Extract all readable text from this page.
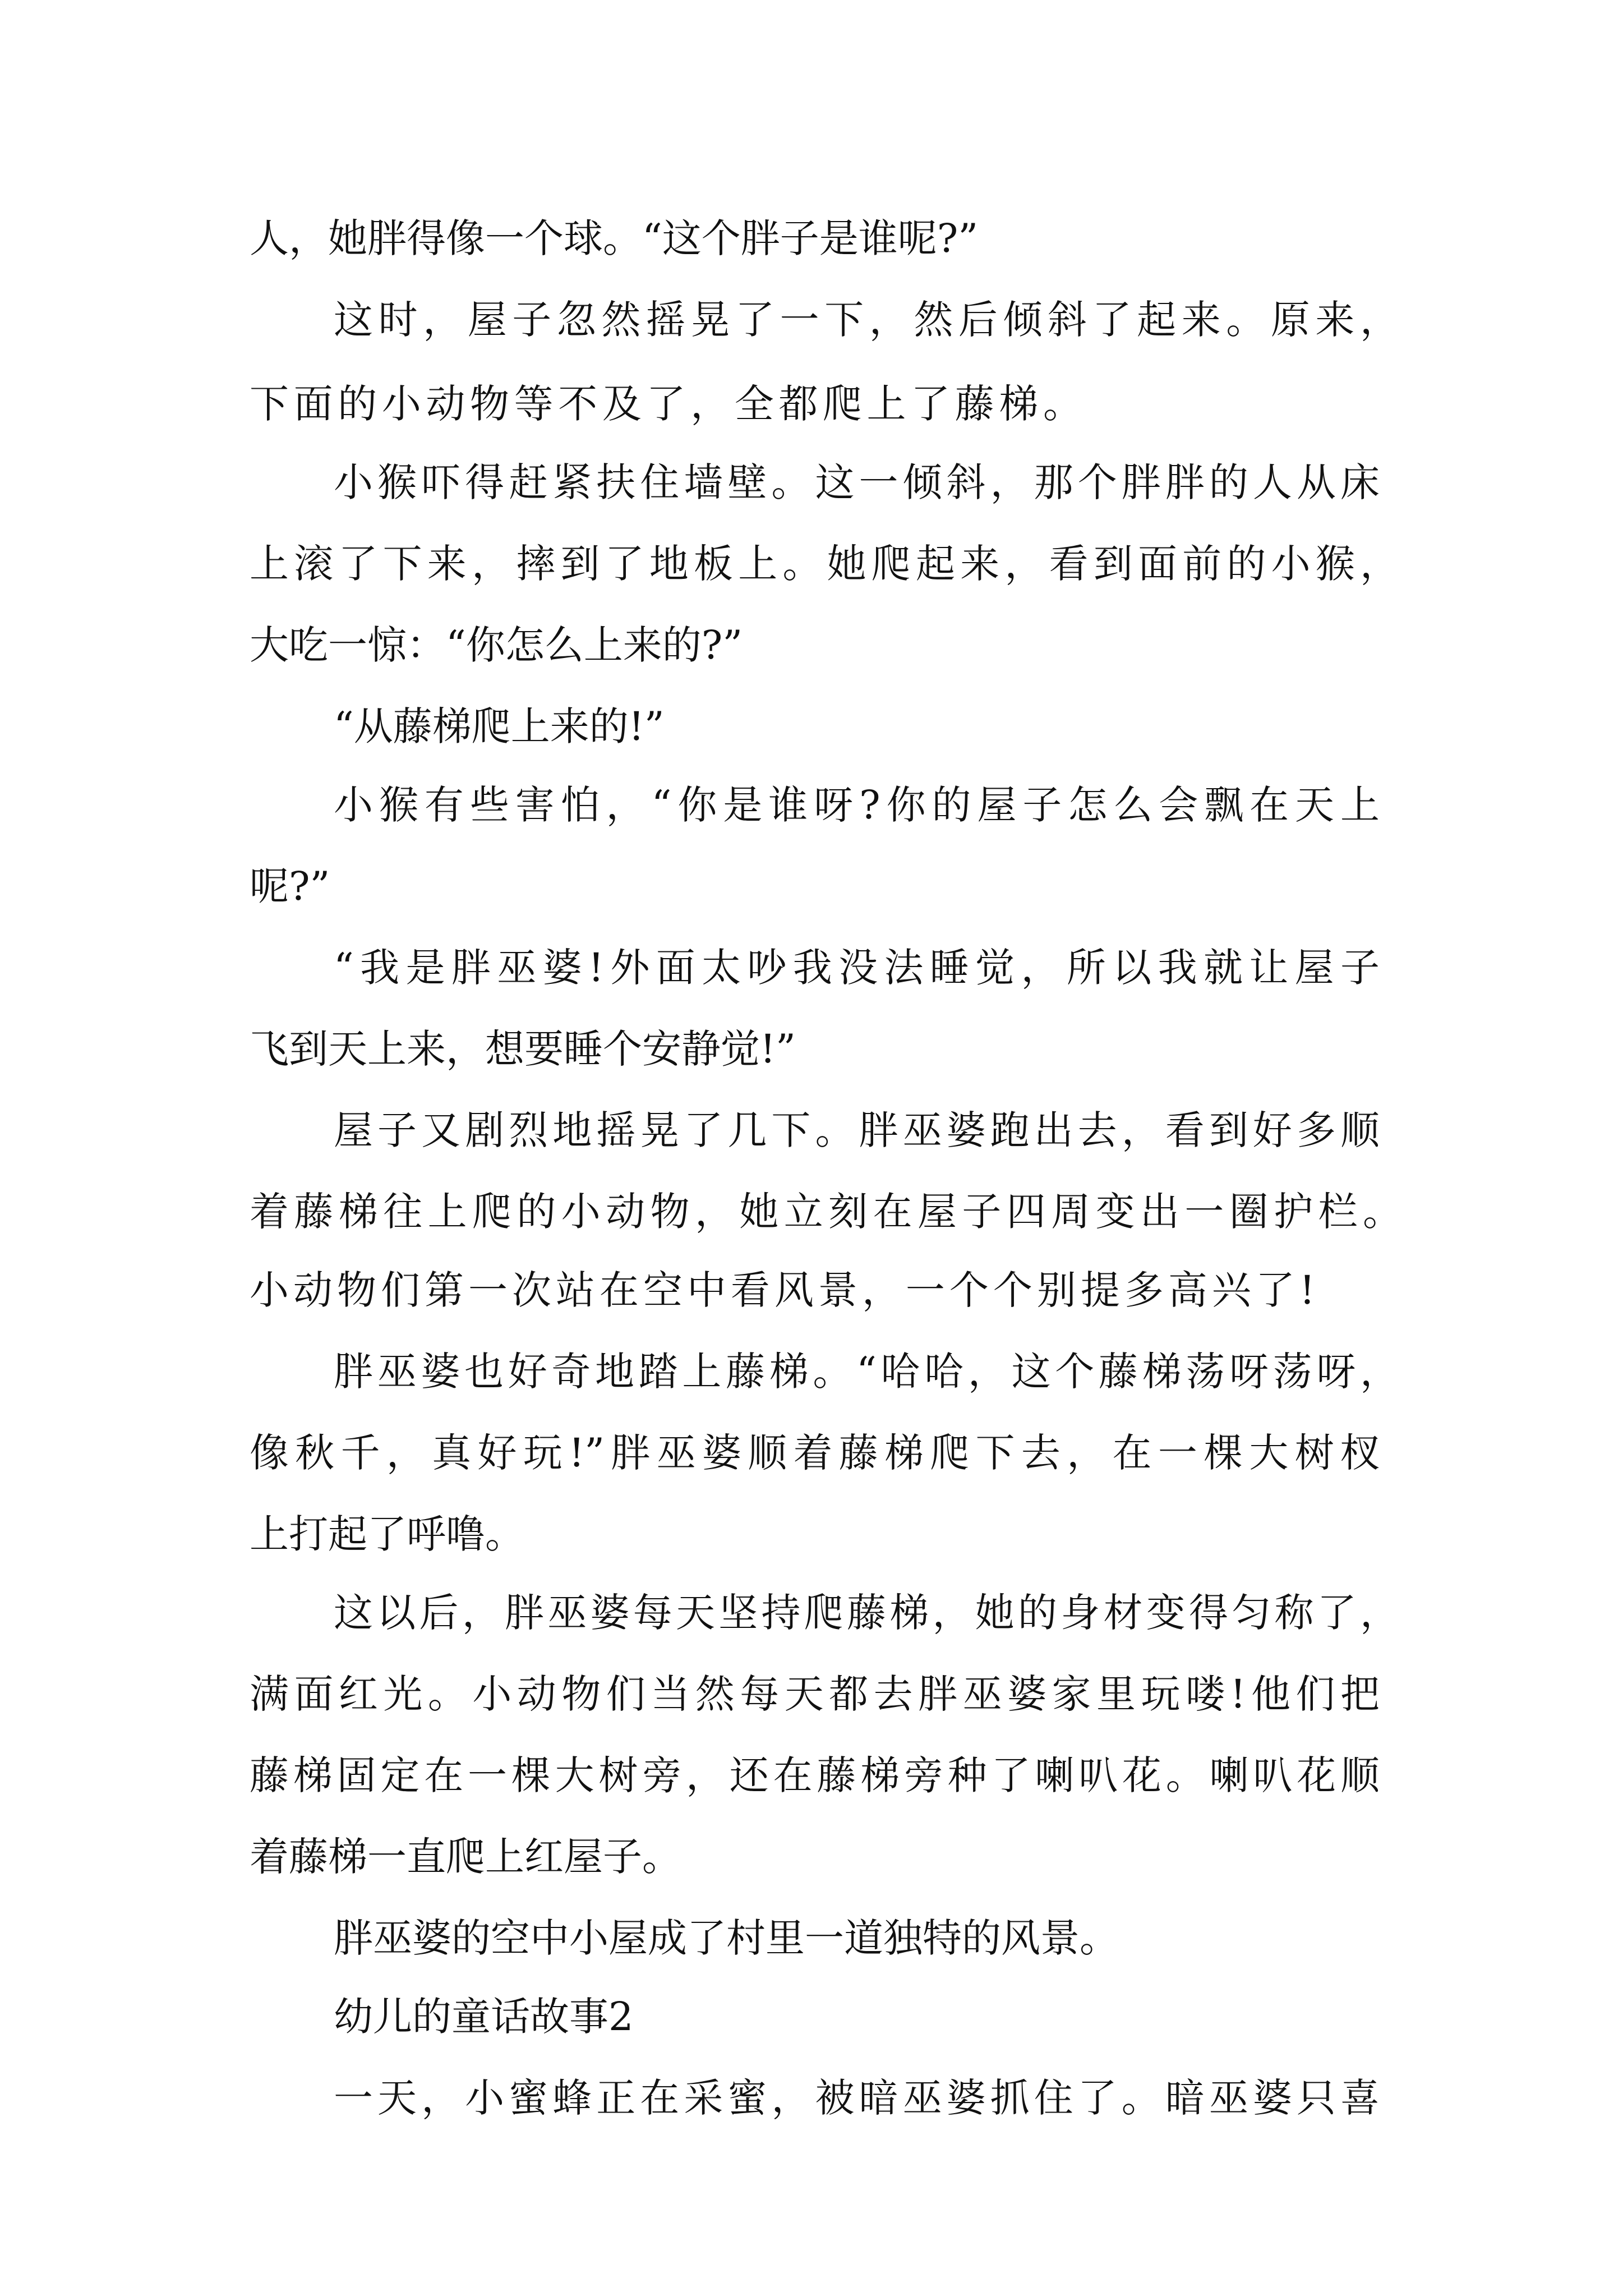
人，她胖得像一个球。“这个胖子是谁呢?”
这时，屋子忽然摇晃了一下，然后倾斜了起来。原来，
下面的小动物等不及了，全都爬上了藤梯。
小猴吓得赶紧扶住墙壁。这一倾斜，那个胖胖的人从床
上滚了下来，摔到了地板上。她爬起来，看到面前的小猴，
大吃一惊：“你怎么上来的?”
“从藤梯爬上来的!”
小猴有些害怕，“你是谁呀?你的屋子怎么会飘在天上
呢?”
“我是胖巫婆!外面太吵我没法睡觉，所以我就让屋子
飞到天上来，想要睡个安静觉!”
屋子又剧烈地摇晃了几下。胖巫婆跑出去，看到好多顺
着藤梯往上爬的小动物，她立刻在屋子四周变出一圈护栏。
小动物们第一次站在空中看风景，一个个别提多高兴了!
胖巫婆也好奇地踏上藤梯。“哈哈，这个藤梯荡呀荡呀，
像秋千，真好玩!”胖巫婆顺着藤梯爬下去，在一棵大树杈
上打起了呼噜。
这以后，胖巫婆每天坚持爬藤梯，她的身材变得匀称了，
满面红光。小动物们当然每天都去胖巫婆家里玩喽!他们把
藤梯固定在一棵大树旁，还在藤梯旁种了喇叭花。喇叭花顺
着藤梯一直爬上红屋子。
胖巫婆的空中小屋成了村里一道独特的风景。
幼儿的童话故事2
一天，小蜜蜂正在采蜜，被暗巫婆抓住了。暗巫婆只喜
